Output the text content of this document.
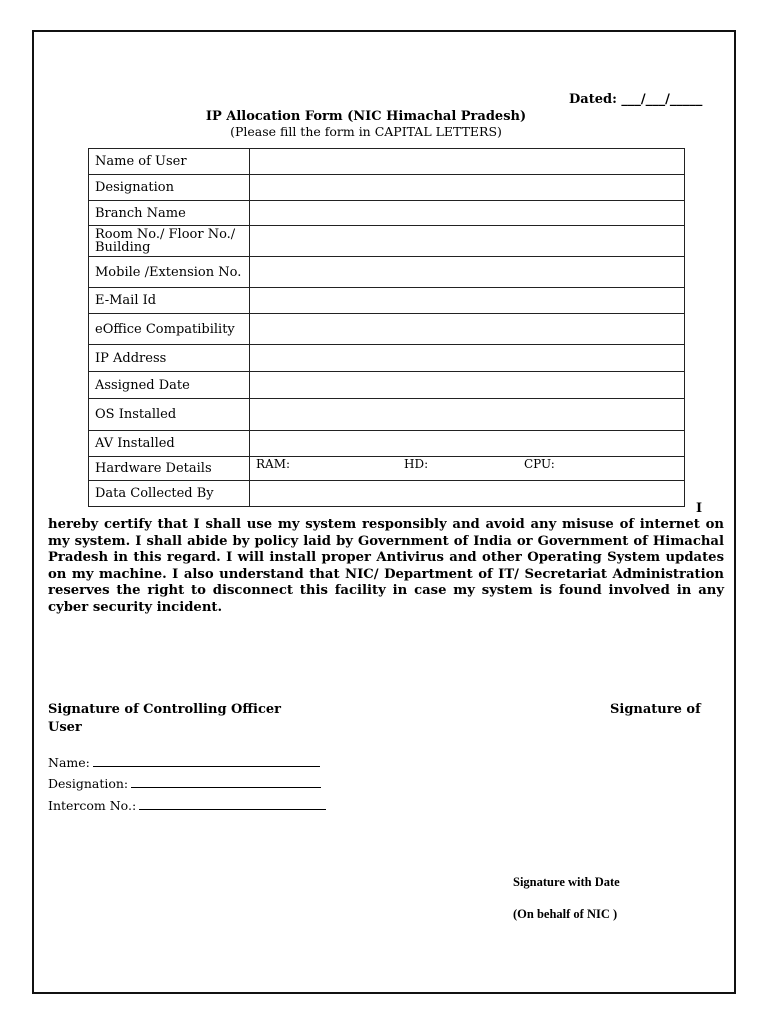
Dated: ___/___/_____
IP Allocation Form (NIC Himachal Pradesh)
(Please fill the form in CAPITAL LETTERS)
Name of User	
Designation	
Branch Name	
Room No./ Floor No./ Building	
Mobile /Extension No.	
E-Mail Id	
eOffice Compatibility	
IP Address	
Assigned Date	
OS Installed	
AV Installed	
Hardware Details	RAM: HD: CPU:

Data Collected By	
I
hereby certify that I shall use my system responsibly and avoid any misuse of internet on my system. I shall abide by policy laid by Government of India or Government of Himachal Pradesh in this regard. I will install proper Antivirus and other Operating System updates on my machine. I also understand that NIC/ Department of IT/ Secretariat Administration reserves the right to disconnect this facility in case my system is found involved in any cyber security incident.
Signature of Controlling Officer	Signature of
User
Name:
Designation:
Intercom No.:
Signature with Date
(On behalf of NIC )
